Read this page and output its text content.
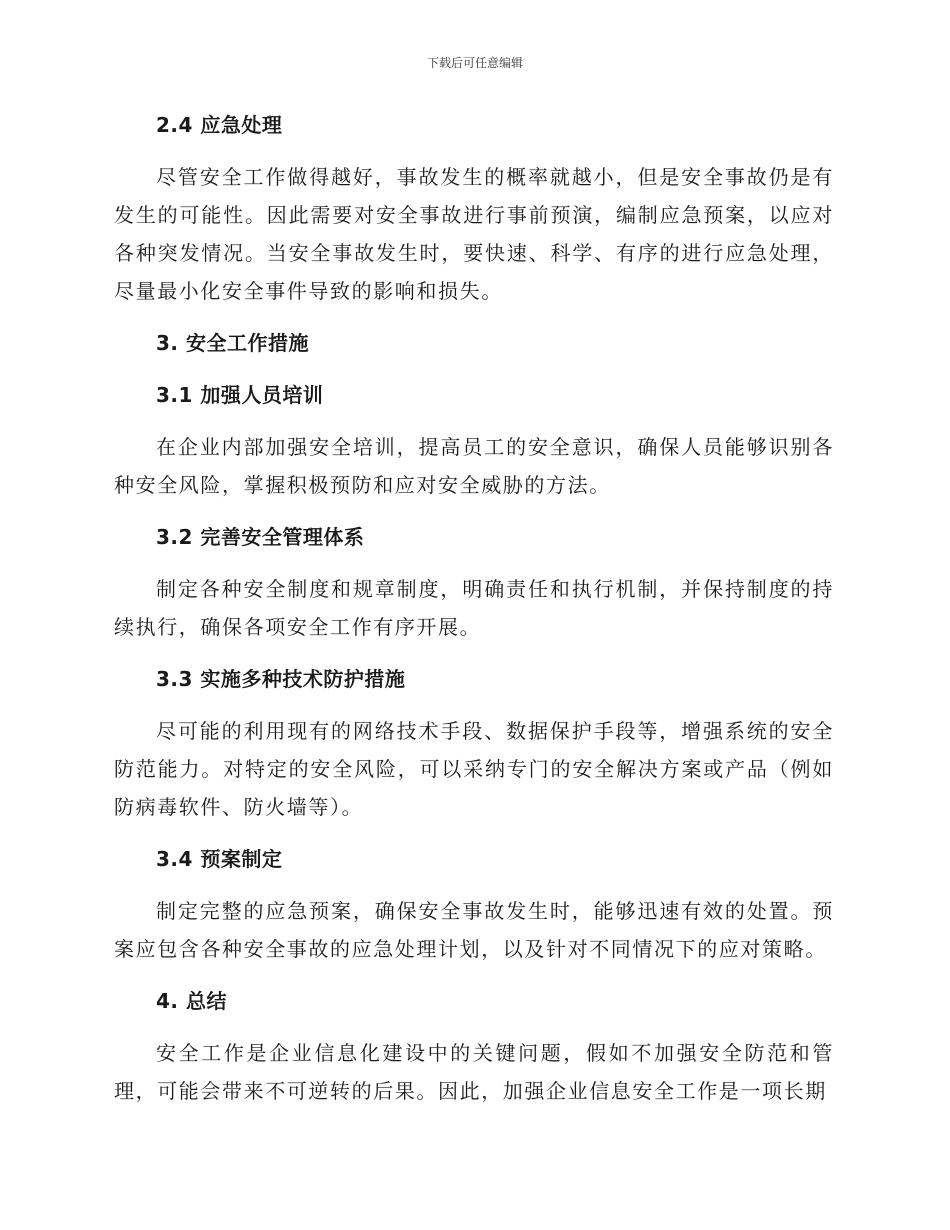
下载后可任意编辑
2.4 应急处理
尽管安全工作做得越好，事故发生的概率就越小，但是安全事故仍是有发生的可能性。因此需要对安全事故进行事前预演，编制应急预案，以应对各种突发情况。当安全事故发生时，要快速、科学、有序的进行应急处理，尽量最小化安全事件导致的影响和损失。
3. 安全工作措施
3.1 加强人员培训
在企业内部加强安全培训，提高员工的安全意识，确保人员能够识别各种安全风险，掌握积极预防和应对安全威胁的方法。
3.2 完善安全管理体系
制定各种安全制度和规章制度，明确责任和执行机制，并保持制度的持续执行，确保各项安全工作有序开展。
3.3 实施多种技术防护措施
尽可能的利用现有的网络技术手段、数据保护手段等，增强系统的安全防范能力。对特定的安全风险，可以采纳专门的安全解决方案或产品（例如防病毒软件、防火墙等）。
3.4 预案制定
制定完整的应急预案，确保安全事故发生时，能够迅速有效的处置。预案应包含各种安全事故的应急处理计划，以及针对不同情况下的应对策略。
4. 总结
安全工作是企业信息化建设中的关键问题，假如不加强安全防范和管理，可能会带来不可逆转的后果。因此，加强企业信息安全工作是一项长期
